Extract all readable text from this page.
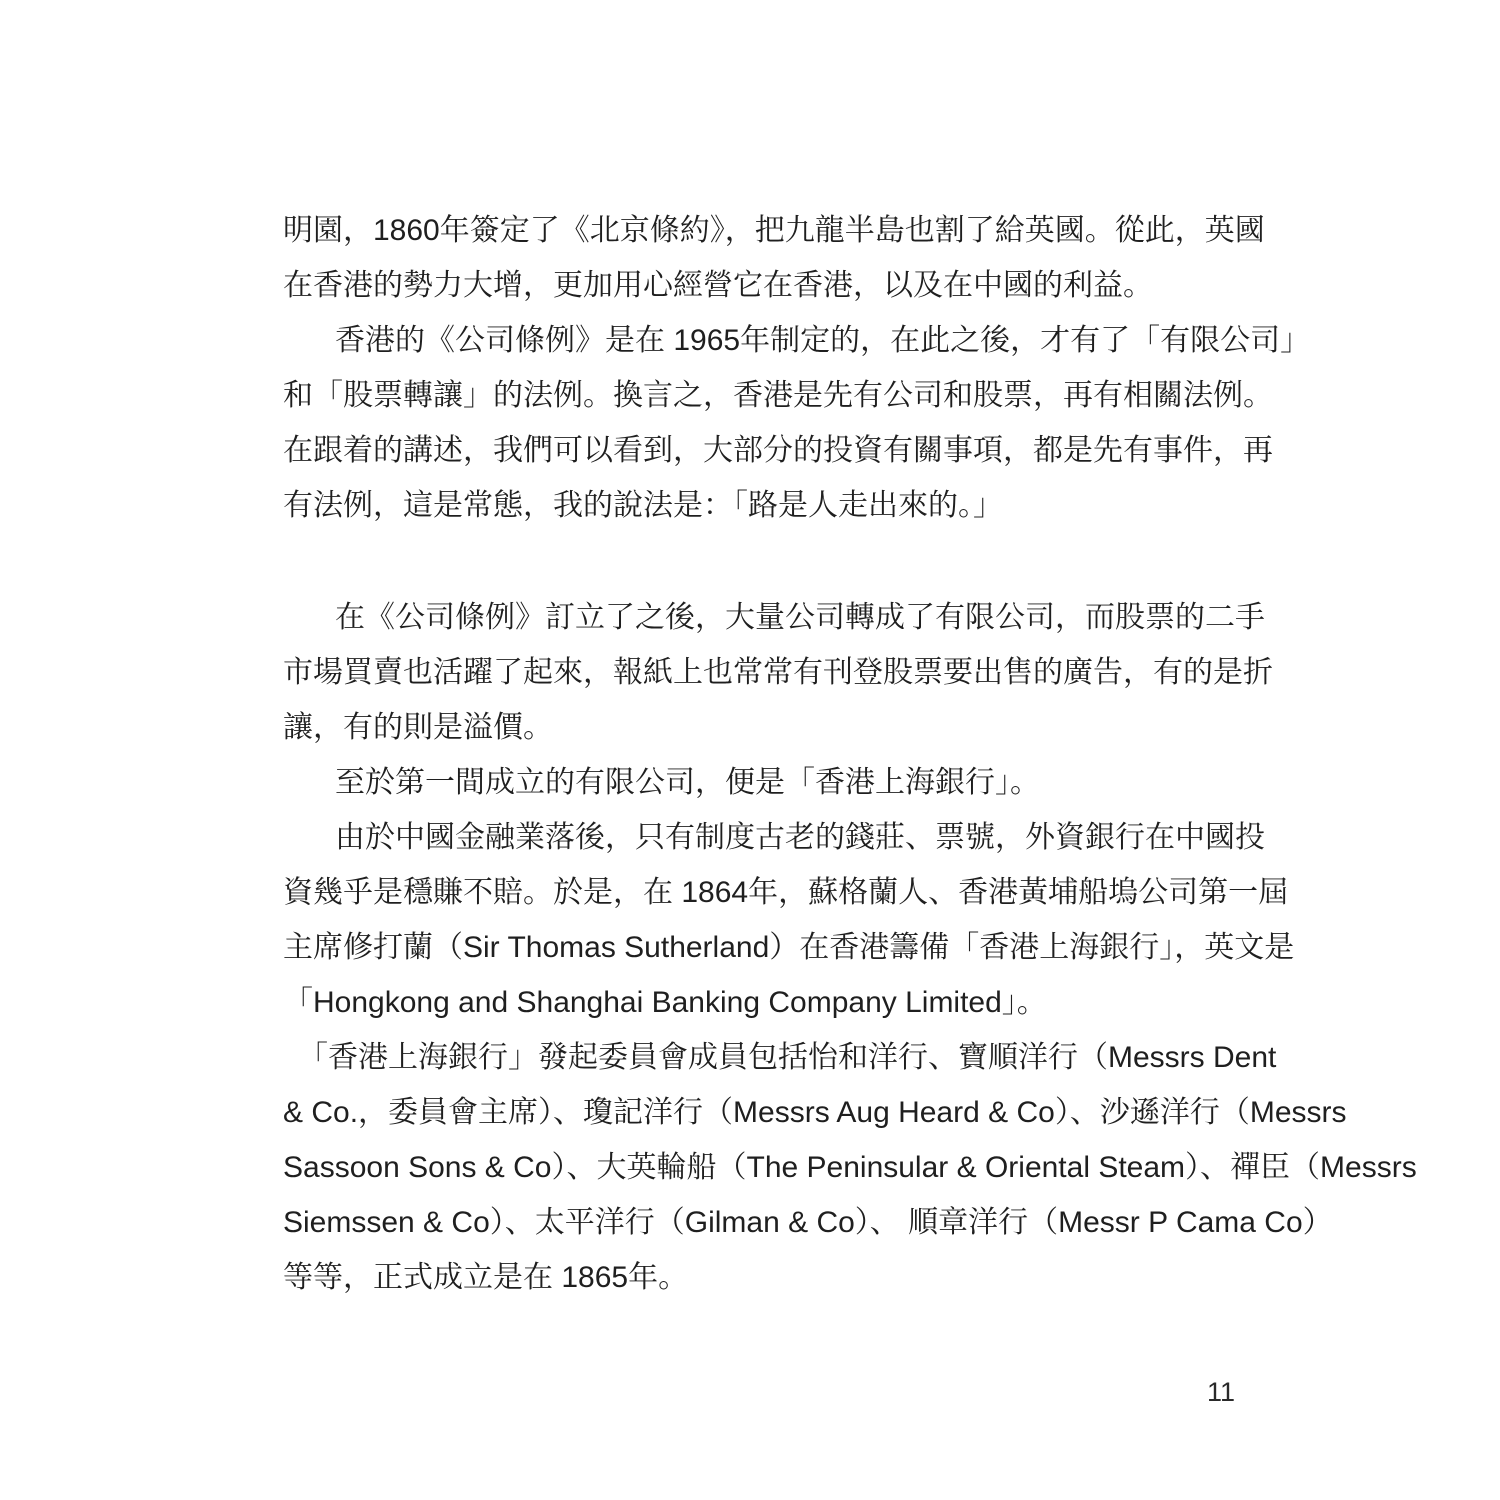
明園，1860年簽定了《北京條約》，把九龍半島也割了給英國。從此，英國
在香港的勢力大增，更加用心經營它在香港，以及在中國的利益。
香港的《公司條例》是在 1965年制定的，在此之後，才有了「有限公司」
和「股票轉讓」的法例。換言之，香港是先有公司和股票，再有相關法例。
在跟着的講述，我們可以看到，大部分的投資有關事項，都是先有事件，再
有法例，這是常態，我的說法是：「路是人走出來的。」
在《公司條例》訂立了之後，大量公司轉成了有限公司，而股票的二手
市場買賣也活躍了起來，報紙上也常常有刊登股票要出售的廣告，有的是折
讓，有的則是溢價。
至於第一間成立的有限公司，便是「香港上海銀行」。
由於中國金融業落後，只有制度古老的錢莊、票號，外資銀行在中國投
資幾乎是穩賺不賠。於是，在 1864年，蘇格蘭人、香港黃埔船塢公司第一屆
主席修打蘭（Sir Thomas Sutherland）在香港籌備「香港上海銀行」，英文是
「Hongkong and Shanghai Banking Company Limited」。
「香港上海銀行」發起委員會成員包括怡和洋行、寶順洋行（Messrs Dent
& Co.，委員會主席）、瓊記洋行（Messrs Aug Heard & Co）、沙遜洋行（Messrs
Sassoon Sons & Co）、大英輪船（The Peninsular & Oriental Steam）、禪臣（Messrs
Siemssen & Co）、太平洋行（Gilman & Co）、 順章洋行（Messr P Cama Co）
等等，正式成立是在 1865年。
11
